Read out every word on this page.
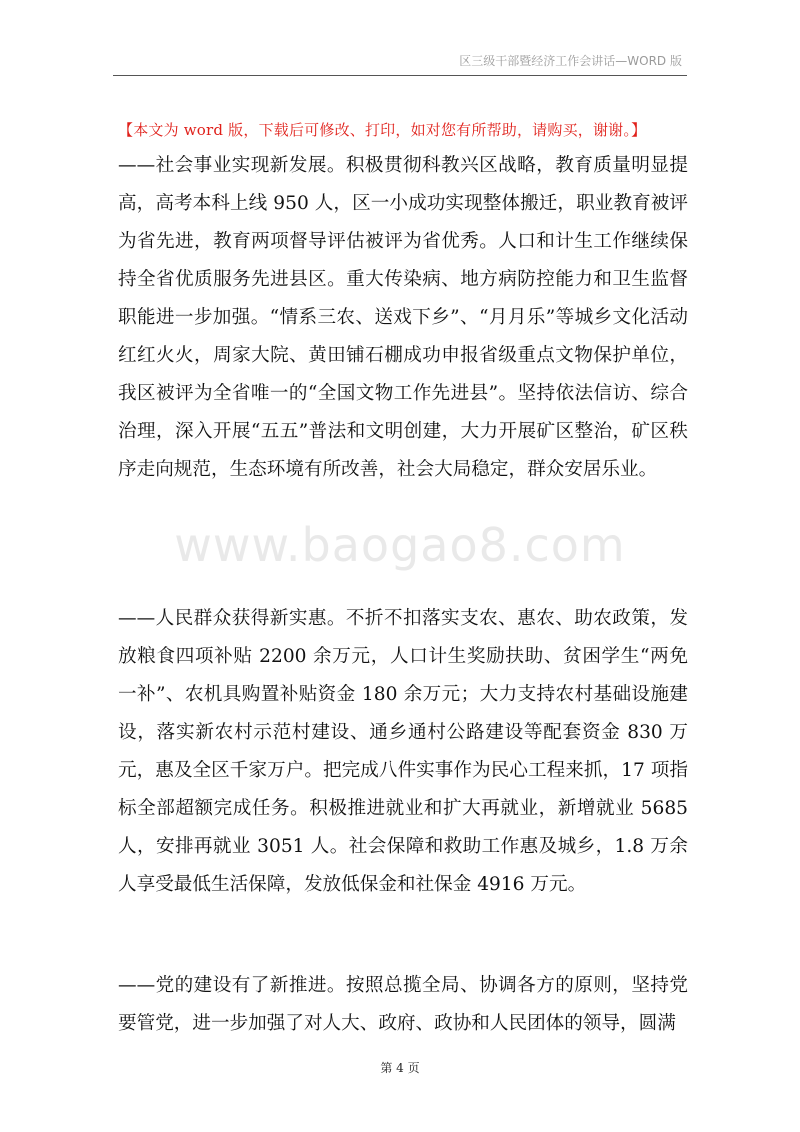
区三级干部暨经济工作会讲话—WORD 版
【本文为 word 版，下载后可修改、打印，如对您有所帮助，请购买，谢谢。】
——社会事业实现新发展。积极贯彻科教兴区战略，教育质量明显提高，高考本科上线 950 人，区一小成功实现整体搬迁，职业教育被评为省先进，教育两项督导评估被评为省优秀。人口和计生工作继续保持全省优质服务先进县区。重大传染病、地方病防控能力和卫生监督职能进一步加强。“情系三农、送戏下乡”、“月月乐”等城乡文化活动红红火火，周家大院、黄田铺石棚成功申报省级重点文物保护单位，我区被评为全省唯一的“全国文物工作先进县”。坚持依法信访、综合治理，深入开展“五五”普法和文明创建，大力开展矿区整治，矿区秩序走向规范，生态环境有所改善，社会大局稳定，群众安居乐业。
www.baogao8.com
——人民群众获得新实惠。不折不扣落实支农、惠农、助农政策，发放粮食四项补贴 2200 余万元，人口计生奖励扶助、贫困学生“两免一补”、农机具购置补贴资金 180 余万元；大力支持农村基础设施建设，落实新农村示范村建设、通乡通村公路建设等配套资金 830 万元，惠及全区千家万户。把完成八件实事作为民心工程来抓，17 项指标全部超额完成任务。积极推进就业和扩大再就业，新增就业 5685 人，安排再就业 3051 人。社会保障和救助工作惠及城乡，1.8 万余人享受最低生活保障，发放低保金和社保金 4916 万元。
——党的建设有了新推进。按照总揽全局、协调各方的原则，坚持党要管党，进一步加强了对人大、政府、政协和人民团体的领导，圆满
第 4 页
